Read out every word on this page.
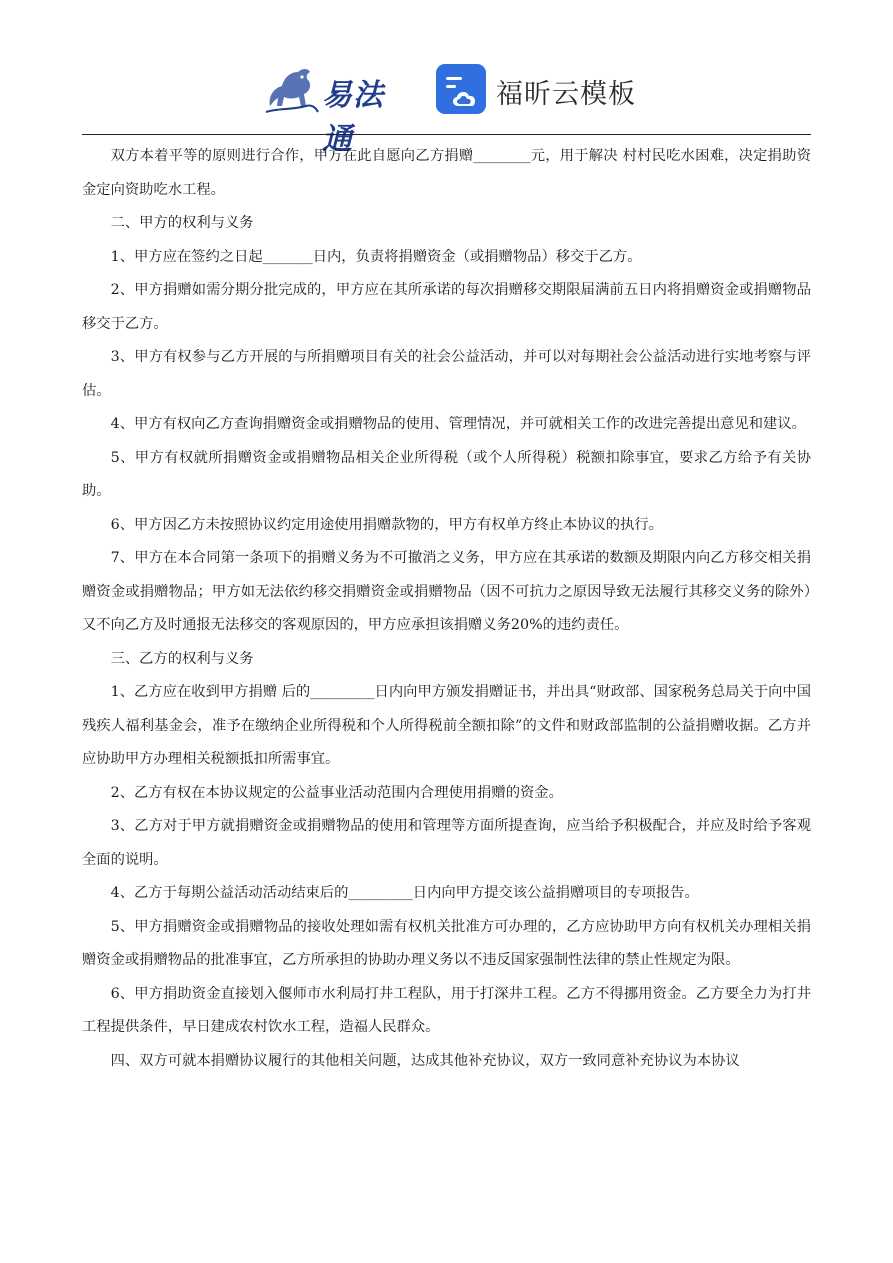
易法通
福昕云模板

双方本着平等的原则进行合作，甲方在此自愿向乙方捐赠________元，用于解决 村村民吃水困难，决定捐助资金定向资助吃水工程。

二、甲方的权利与义务

1、甲方应在签约之日起_______日内，负责将捐赠资金（或捐赠物品）移交于乙方。

2、甲方捐赠如需分期分批完成的，甲方应在其所承诺的每次捐赠移交期限届满前五日内将捐赠资金或捐赠物品移交于乙方。

3、甲方有权参与乙方开展的与所捐赠项目有关的社会公益活动，并可以对每期社会公益活动进行实地考察与评估。

4、甲方有权向乙方查询捐赠资金或捐赠物品的使用、管理情况，并可就相关工作的改进完善提出意见和建议。

5、甲方有权就所捐赠资金或捐赠物品相关企业所得税（或个人所得税）税额扣除事宜，要求乙方给予有关协助。

6、甲方因乙方未按照协议约定用途使用捐赠款物的，甲方有权单方终止本协议的执行。

7、甲方在本合同第一条项下的捐赠义务为不可撤消之义务，甲方应在其承诺的数额及期限内向乙方移交相关捐赠资金或捐赠物品；甲方如无法依约移交捐赠资金或捐赠物品（因不可抗力之原因导致无法履行其移交义务的除外）又不向乙方及时通报无法移交的客观原因的，甲方应承担该捐赠义务20%的违约责任。

三、乙方的权利与义务

1、乙方应在收到甲方捐赠 后的_________日内向甲方颁发捐赠证书，并出具“财政部、国家税务总局关于向中国残疾人福利基金会，准予在缴纳企业所得税和个人所得税前全额扣除”的文件和财政部监制的公益捐赠收据。乙方并应协助甲方办理相关税额抵扣所需事宜。

2、乙方有权在本协议规定的公益事业活动范围内合理使用捐赠的资金。

3、乙方对于甲方就捐赠资金或捐赠物品的使用和管理等方面所提查询，应当给予积极配合，并应及时给予客观全面的说明。

4、乙方于每期公益活动活动结束后的_________日内向甲方提交该公益捐赠项目的专项报告。

5、甲方捐赠资金或捐赠物品的接收处理如需有权机关批准方可办理的，乙方应协助甲方向有权机关办理相关捐赠资金或捐赠物品的批准事宜，乙方所承担的协助办理义务以不违反国家强制性法律的禁止性规定为限。

6、甲方捐助资金直接划入偃师市水利局打井工程队，用于打深井工程。乙方不得挪用资金。乙方要全力为打井工程提供条件，早日建成农村饮水工程，造福人民群众。

四、双方可就本捐赠协议履行的其他相关问题，达成其他补充协议，双方一致同意补充协议为本协议
